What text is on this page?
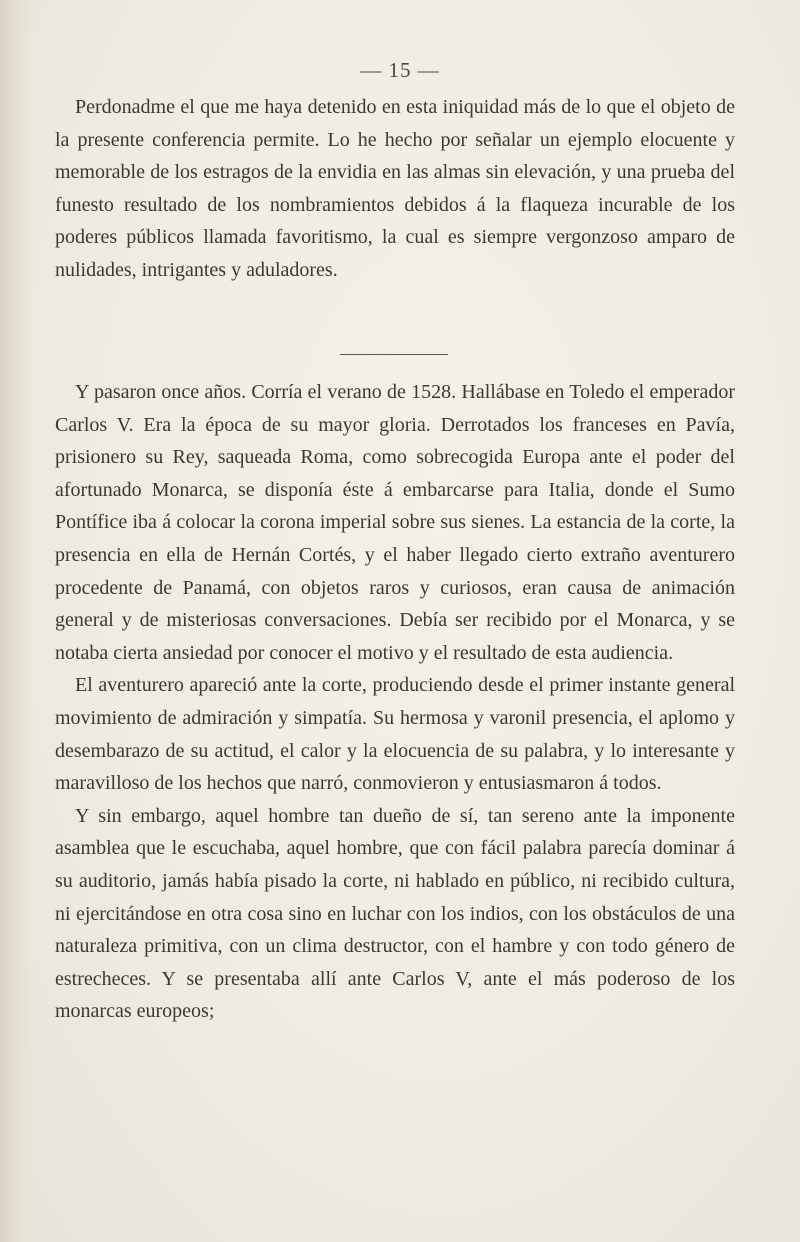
— 15 —

Perdonadme el que me haya detenido en esta iniquidad más de lo que el objeto de la presente conferencia permite. Lo he hecho por señalar un ejemplo elocuente y memorable de los estragos de la envidia en las almas sin elevación, y una prueba del funesto resultado de los nombramientos debidos á la flaqueza incurable de los poderes públicos llamada favoritismo, la cual es siempre vergonzoso amparo de nulidades, intrigantes y aduladores.

Y pasaron once años. Corría el verano de 1528. Hallábase en Toledo el emperador Carlos V. Era la época de su mayor gloria. Derrotados los franceses en Pavía, prisionero su Rey, saqueada Roma, como sobrecogida Europa ante el poder del afortunado Monarca, se disponía éste á embarcarse para Italia, donde el Sumo Pontífice iba á colocar la corona imperial sobre sus sienes. La estancia de la corte, la presencia en ella de Hernán Cortés, y el haber llegado cierto extraño aventurero procedente de Panamá, con objetos raros y curiosos, eran causa de animación general y de misteriosas conversaciones. Debía ser recibido por el Monarca, y se notaba cierta ansiedad por conocer el motivo y el resultado de esta audiencia.

El aventurero apareció ante la corte, produciendo desde el primer instante general movimiento de admiración y simpatía. Su hermosa y varonil presencia, el aplomo y desembarazo de su actitud, el calor y la elocuencia de su palabra, y lo interesante y maravilloso de los hechos que narró, conmovieron y entusiasmaron á todos.

Y sin embargo, aquel hombre tan dueño de sí, tan sereno ante la imponente asamblea que le escuchaba, aquel hombre, que con fácil palabra parecía dominar á su auditorio, jamás había pisado la corte, ni hablado en público, ni recibido cultura, ni ejercitándose en otra cosa sino en luchar con los indios, con los obstáculos de una naturaleza primitiva, con un clima destructor, con el hambre y con todo género de estrecheces. Y se presentaba allí ante Carlos V, ante el más poderoso de los monarcas europeos;
